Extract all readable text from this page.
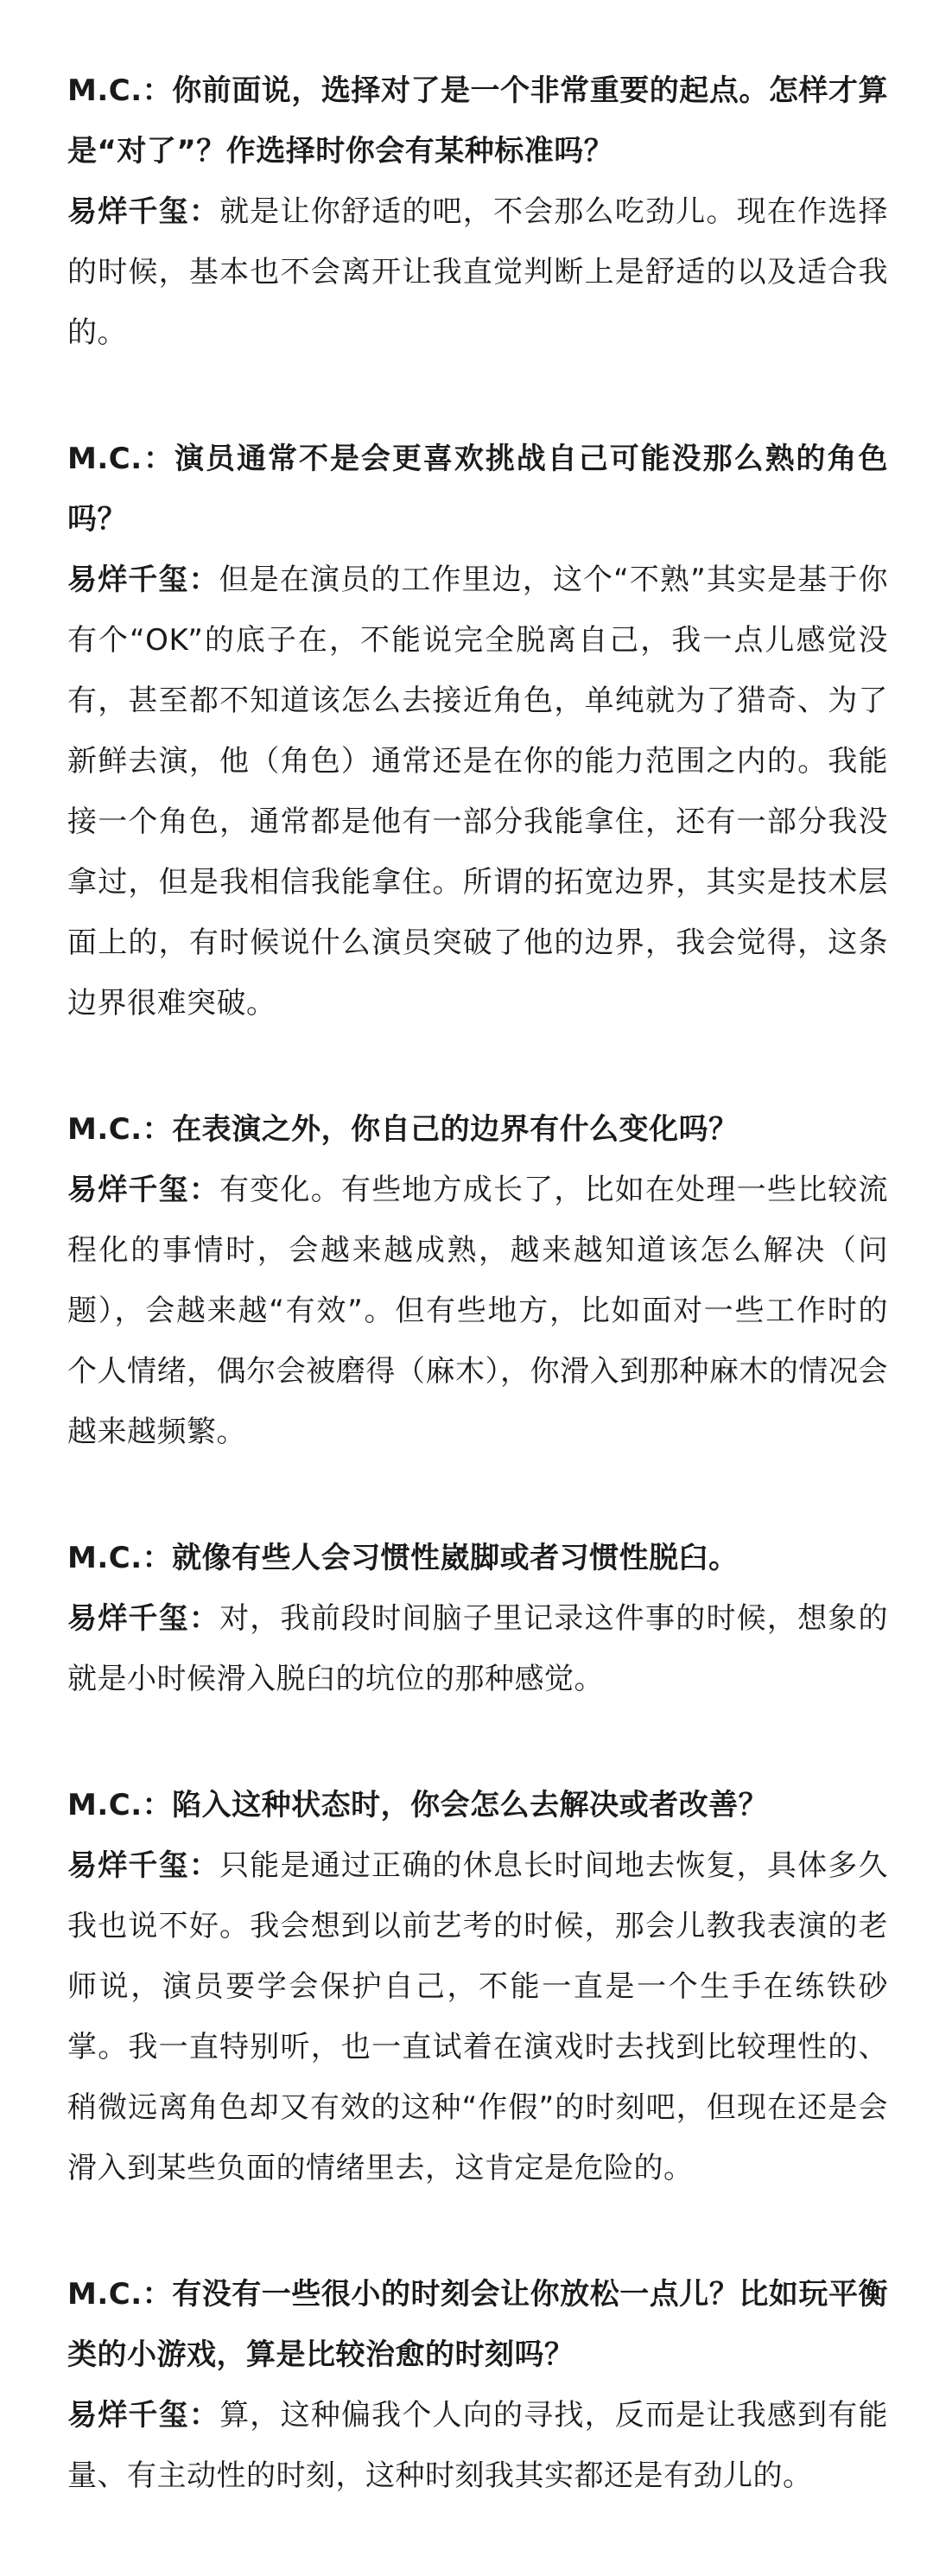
M.C.：你前面说，选择对了是一个非常重要的起点。怎样才算是“对了”？作选择时你会有某种标准吗？

易烊千玺：就是让你舒适的吧，不会那么吃劲儿。现在作选择的时候，基本也不会离开让我直觉判断上是舒适的以及适合我的。

M.C.：演员通常不是会更喜欢挑战自己可能没那么熟的角色吗？

易烊千玺：但是在演员的工作里边，这个“不熟”其实是基于你有个“OK”的底子在，不能说完全脱离自己，我一点儿感觉没有，甚至都不知道该怎么去接近角色，单纯就为了猎奇、为了新鲜去演，他（角色）通常还是在你的能力范围之内的。我能接一个角色，通常都是他有一部分我能拿住，还有一部分我没拿过，但是我相信我能拿住。所谓的拓宽边界，其实是技术层面上的，有时候说什么演员突破了他的边界，我会觉得，这条边界很难突破。

M.C.：在表演之外，你自己的边界有什么变化吗？

易烊千玺：有变化。有些地方成长了，比如在处理一些比较流程化的事情时，会越来越成熟，越来越知道该怎么解决（问题），会越来越“有效”。但有些地方，比如面对一些工作时的个人情绪，偶尔会被磨得（麻木），你滑入到那种麻木的情况会越来越频繁。

M.C.：就像有些人会习惯性崴脚或者习惯性脱臼。

易烊千玺：对，我前段时间脑子里记录这件事的时候，想象的就是小时候滑入脱臼的坑位的那种感觉。

M.C.：陷入这种状态时，你会怎么去解决或者改善？

易烊千玺：只能是通过正确的休息长时间地去恢复，具体多久我也说不好。我会想到以前艺考的时候，那会儿教我表演的老师说，演员要学会保护自己，不能一直是一个生手在练铁砂掌。我一直特别听，也一直试着在演戏时去找到比较理性的、稍微远离角色却又有效的这种“作假”的时刻吧，但现在还是会滑入到某些负面的情绪里去，这肯定是危险的。

M.C.：有没有一些很小的时刻会让你放松一点儿？比如玩平衡类的小游戏，算是比较治愈的时刻吗？

易烊千玺：算，这种偏我个人向的寻找，反而是让我感到有能量、有主动性的时刻，这种时刻我其实都还是有劲儿的。
